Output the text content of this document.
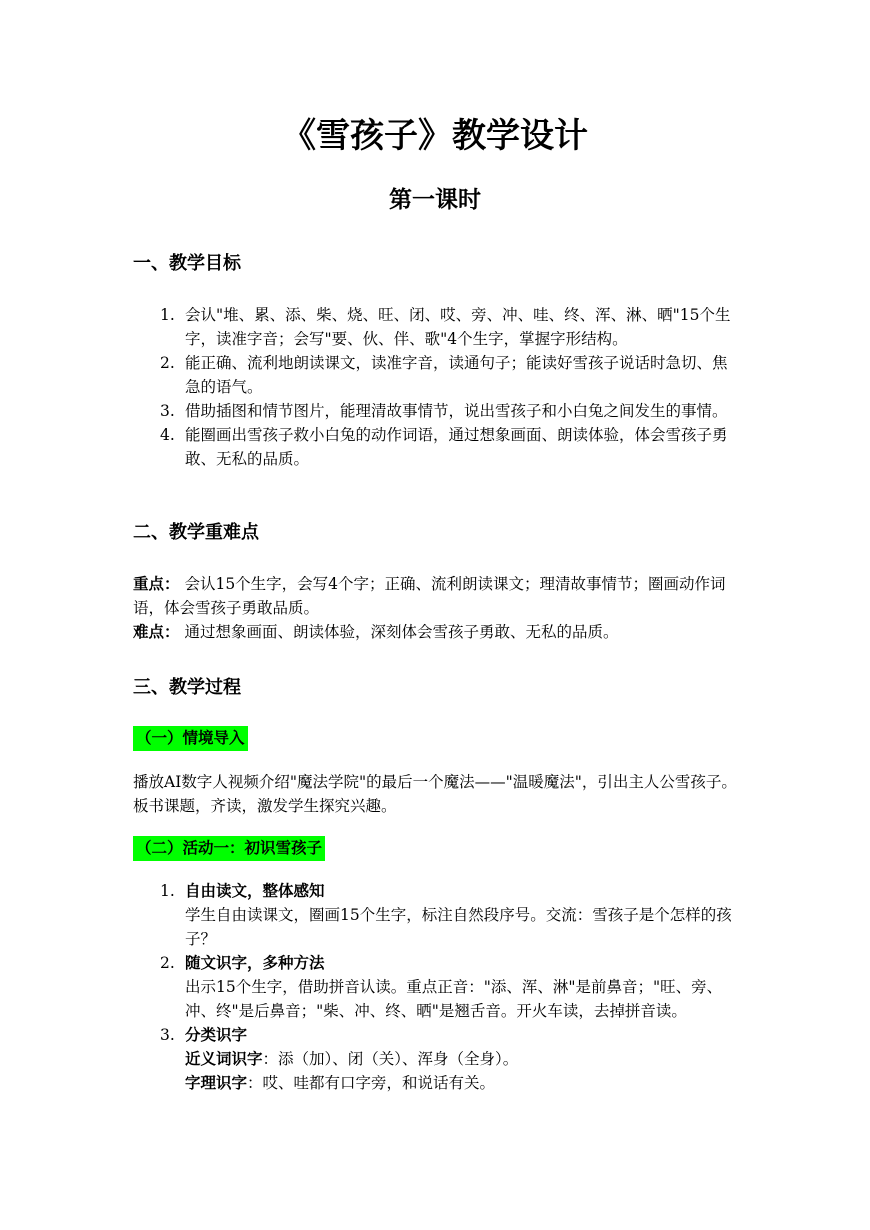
《雪孩子》教学设计
第一课时
一、教学目标
1. 会认"堆、累、添、柴、烧、旺、闭、哎、旁、冲、哇、终、浑、淋、晒"15个生字，读准字音；会写"要、伙、伴、歌"4个生字，掌握字形结构。
2. 能正确、流利地朗读课文，读准字音，读通句子；能读好雪孩子说话时急切、焦急的语气。
3. 借助插图和情节图片，能理清故事情节，说出雪孩子和小白兔之间发生的事情。
4. 能圈画出雪孩子救小白兔的动作词语，通过想象画面、朗读体验，体会雪孩子勇敢、无私的品质。
二、教学重难点
重点： 会认15个生字，会写4个字；正确、流利朗读课文；理清故事情节；圈画动作词语，体会雪孩子勇敢品质。
难点： 通过想象画面、朗读体验，深刻体会雪孩子勇敢、无私的品质。
三、教学过程
（一）情境导入
播放AI数字人视频介绍"魔法学院"的最后一个魔法——"温暖魔法"，引出主人公雪孩子。板书课题，齐读，激发学生探究兴趣。
（二）活动一：初识雪孩子
1. 自由读文，整体感知
学生自由读课文，圈画15个生字，标注自然段序号。交流：雪孩子是个怎样的孩子？
2. 随文识字，多种方法
出示15个生字，借助拼音认读。重点正音："添、浑、淋"是前鼻音；"旺、旁、冲、终"是后鼻音；"柴、冲、终、晒"是翘舌音。开火车读，去掉拼音读。
3. 分类识字
近义词识字：添（加）、闭（关）、浑身（全身）。
字理识字：哎、哇都有口字旁，和说话有关。
